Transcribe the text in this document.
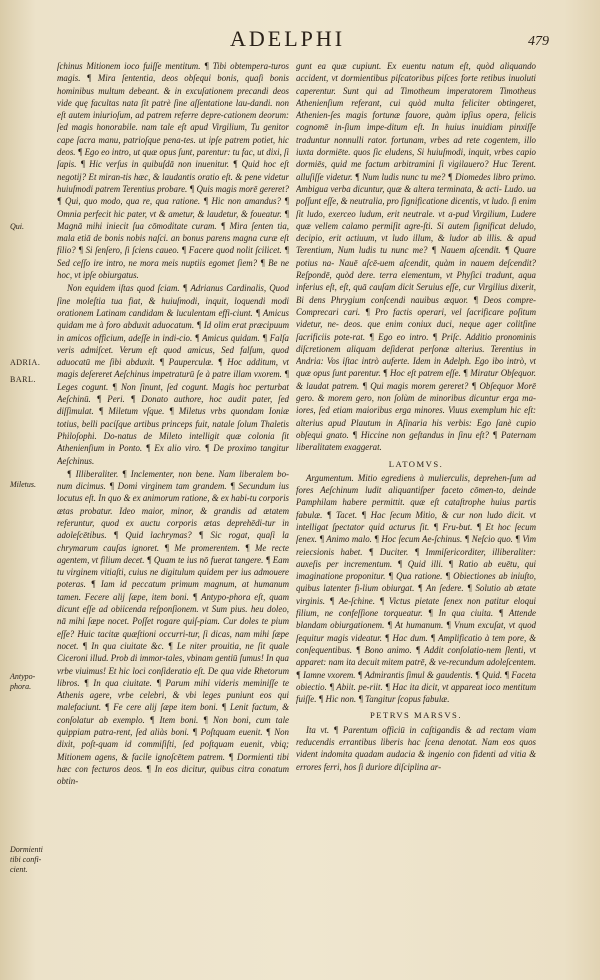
ADELPHI	479
Qui.
ADRIA.
BARL.
Miletus.
Antypo-phora.
Dormienti tibi confi-cient.

ſchinus Mitionem ioco fuiſſe mentitum. ¶ Tibi obtempera-turos magis. ¶ Mira ſententia, deos obſequi bonis, quaſi bonis hominibus multum debeant. & in excuſationem precandi deos vide quę facultas nata ſit patrè ſine aſſentatione lau-dandi. non eſt autem iniurioſum, ad patrem referre depre-cationem deorum: ſed magis honorabile. nam tale eſt apud Virgilium, Tu genitor cape ſacra manu, patrioſque pena-tes. ut ipſe patrem potiet, hic deos. ¶ Ego eo intro, ut quæ opus ſunt, parentur: tu fac, ut dixi, ſi ſapis. ¶ Hic verſus in quibuſdā non inuenitur. ¶ Quid hoc eſt negotij? Et miran-tis hæc, & laudantis oratio eſt. & pene videtur huiuſmodi patrem Terentius probare. ¶ Quis magis morē gereret? ¶ Qui, quo modo, qua re, qua ratione. ¶ Hic non amandus? ¶ Omnia perfecit hic pater, vt & ametur, & laudetur, & foueatur. ¶ Magnā mihi iniecit ſua cōmoditate curam. ¶ Mira ſenten tia, mala etiā de bonis nobis naſci. an bonus parens magna curæ eſt filio? ¶ Si ſenſero, ſi ſciens caueo. ¶ Facere quod nolit ſcilicet. ¶ Sed ceſſo ire intro, ne mora meis nuptiis egomet ſiem? ¶ Be ne hoc, vt ipſe obiurgatus.

Non equidem iſtas quod ſciam. ¶ Adrianus Cardinalis, Quod ſine moleſtia tua fiat, & huiuſmodi, inquit, loquendi modi orationem Latinam candidam & luculentam effi-ciunt. ¶ Amicus quidam me à foro abduxit aduocatum. ¶ Id olim erat præcipuum in amicos officium, adeſſe in indi-cio. ¶ Amicus quidam. ¶ Falſa veris admiſcet. Verum eſt quod amicus, Sed falſum, quod aduocatū me ſibi abduxit. ¶ Pauperculæ. ¶ Hoc additum, vt magis deſereret Aeſchinus impetraturū ſe à patre illam vxorem. ¶ Leges cogunt. ¶ Non ſinunt, ſed cogunt. Magis hoc perturbat Aeſchinū. ¶ Peri. ¶ Donato authore, hoc audit pater, ſed diſſimulat. ¶ Miletum vſque. ¶ Miletus vrbs quondam Ioniæ totius, belli pacíſque artibus princeps fuit, natale ſolum Thaletis Philoſophi. Do-natus de Mileto intelligit quæ colonia ſit Athenienſium in Ponto. ¶ Ex alio viro. ¶ De proximo tangitur Aeſchinus.

¶ Illiberaliter. ¶ Inclementer, non bene. Nam liberalem bo-num dicimus. ¶ Domi virginem tam grandem. ¶ Secundum ius locutus eſt. In quo & ex animorum ratione, & ex habi-tu corporis ætas probatur. Ideo maior, minor, & grandis ad ætatem referuntur, quod ex auctu corporis ætas deprehēdi-tur in adoleſcētibus. ¶ Quid lachrymas? ¶ Sic rogat, quaſi la chrymarum cauſas ignoret. ¶ Me promerentem. ¶ Me recte agentem, vt filium decet. ¶ Quam te ius nō fuerat tangere. ¶ Eam tu virginem vitiaſti, cuius ne digitulum quidem per ius admouere poteras. ¶ Iam id peccatum primum magnum, at humanum tamen. Fecere alij ſæpe, item boni. ¶ Antypo-phora eſt, quam dicunt eſſe ad obiicenda reſponſionem. vt Sum pius. heu doleo, nā mihi ſæpe nocet. Poſſet rogare quiſ-piam. Cur doles te pium eſſe? Huic tacitæ quæſtioni occurri-tur, ſi dicas, nam mihi ſæpe nocet. ¶ In qua ciuitate &c. ¶ Le niter prouitia, ne ſit quale Ciceroni illud. Prob di immor-tales, vbinam gentiū ſumus! In qua vrbe viuimus! Et hic loci conſideratio eſt. De qua vide Rhetorum libros. ¶ In qua ciuitate. ¶ Parum mihi videris meminiſſe te Athenis agere, vrbe celebri, & vbi leges puniunt eos qui malefaciunt. ¶ Fe cere alij ſæpe item boni. ¶ Lenit factum, & conſolatur ab exemplo. ¶ Item boni. ¶ Non boni, cum tale quippiam patra-rent, ſed aliàs boni. ¶ Poſtquam euenit. ¶ Non dixit, poſt-quam id commiſiſti, ſed poſtquam euenit, vbiq; Mitionem agens, & facile ignoſcētem patrem. ¶ Dormienti tibi hæc con fecturos deos. ¶ In eos dicitur, quibus citra conatum obtin-

gunt ea quæ cupiunt. Ex euentu natum eſt, quòd aliquando accident, vt dormientibus piſcatoribus piſces forte retibus inuoluti caperentur. Sunt qui ad Timotheum imperatorem Timotheus Athenienſium referant, cui quòd multa feliciter obtingeret, Athenien-ſes magis fortunæ fauore, quàm ipſius opera, felicis cognomē in-ſium impe-ditum eſt. In huius inuidiam pinxiſſe traduntur nonnulli rator. fortunam, vrbes ad rete cogentem, illo iuxta dormiēte. quos ſic eludens, Si huiuſmodi, inquit, vrbes capio dormiēs, quid me factum arbitramini ſi vigilauero? Huc Terent. alluſiſſe videtur. ¶ Num ludis nunc tu me? ¶ Diomedes libro primo. Ambigua verba dicuntur, quæ & altera terminata, & acti- Ludo. ua poſſunt eſſe, & neutralia, pro ſignificatione dicentis, vt ludo. ſi enim ſit ludo, exerceo ludum, erit neutrale. vt a-pud Virgilium, Ludere quæ vellem calamo permiſit agre-ſti. Si autem ſignificat deludo, decipio, erit actiuum, vt ludo illum, & ludor ab illis. & apud Terentium, Num ludis tu nunc me? ¶ Nauem aſcendit. ¶ Quare potius na- Nauē aſcē-uem aſcendit, quàm in nauem deſcendit? Reſpondē, quòd dere. terra elementum, vt Phyſici tradunt, aqua inferius eſt, eſt, quā cauſam dicit Seruius eſſe, cur Virgilius dixerit, Bi dens Phrygium conſcendi nauibus æquor. ¶ Deos compre- Comprecari cari. ¶ Pro factis operari, vel ſacrificare poſitum videtur, ne- deos. que enim coniux duci, neque ager colitſine ſacrificiis pote-rat. ¶ Ego eo intro. ¶ Priſc. Additio pronominis diſcretionem aliquam deſiderat perſonæ alterius. Terentius in Andria: Vos iſtac intrò auferte. Idem in Adelph. Ego ibo intrò, vt quæ opus ſunt parentur. ¶ Hoc eſt patrem eſſe. ¶ Miratur Obſequor. & laudat patrem. ¶ Qui magis morem gereret? ¶ Obſequor Morē gero. & morem gero, non ſolùm de minoribus dicuntur erga ma-iores, ſed etiam maioribus erga minores. Viuus exemplum hic eſt: alterius apud Plautum in Aſinaria his verbis: Ego ſanè cupio obſequi gnato. ¶ Hiccine non geſtandus in ſinu eſt? ¶ Paternam liberalitatem exaggerat.

LATOMVS.

Argumentum. Mitio egrediens à mulierculis, deprehen-ſum ad fores Aeſchinum ludit aliquantiſper faceto cōmen-to, deinde Pamphilam habere permittit. quæ eſt cataſtrophe huius partis fabulæ. ¶ Tacet. ¶ Hac ſecum Mitio, & cur non ludo dicit. vt intelligat ſpectator quid acturus ſit. ¶ Fru-but. ¶ Et hoc ſecum ſenex. ¶ Animo malo. ¶ Hoc ſecum Ae-ſchinus. ¶ Neſcio quo. ¶ Vim reiecsionis habet. ¶ Duciter. ¶ Immiſericorditer, illiberaliter: auxeſis per incrementum. ¶ Quid illi. ¶ Ratio ab euētu, qui imaginatione proponitur. ¶ Qua ratione. ¶ Obiectiones ab iniuſto, quibus latenter fi-lium obiurgat. ¶ An ſedere. ¶ Solutio ab ætate virginis. ¶ Ae-ſchine. ¶ Victus pietate ſenex non patitur eloqui filium, ne confeſſione torqueatur. ¶ In qua ciuita. ¶ Attende blandam obiurgationem. ¶ At humanum. ¶ Vnum excuſat, vt quod ſequitur magis videatur. ¶ Hac dum. ¶ Amplificatio à tem pore, & conſequentibus. ¶ Bono animo. ¶ Addit conſolatio-nem ſlenti, vt apparet: nam ita decuit mitem patrē, & ve-recundum adoleſcentem. ¶ Iamne vxorem. ¶ Admirantis ſimul & gaudentis. ¶ Quid. ¶ Faceta obiectio. ¶ Abiit. pe-riit. ¶ Hac ita dicit, vt appareat ioco mentitum fuiſſe. ¶ Hic non. ¶ Tangitur ſcopus fabulæ.

PETRVS MARSVS.

Ita vt. ¶ Parentum officiū in caſtigandis & ad rectam viam reducendis errantibus liberis hac ſcena denotat. Nam eos quos vident indomita quadam audacia & ingenio con fidenti ad vitia & errores ferri, hos ſi duriore diſciplina ar-
